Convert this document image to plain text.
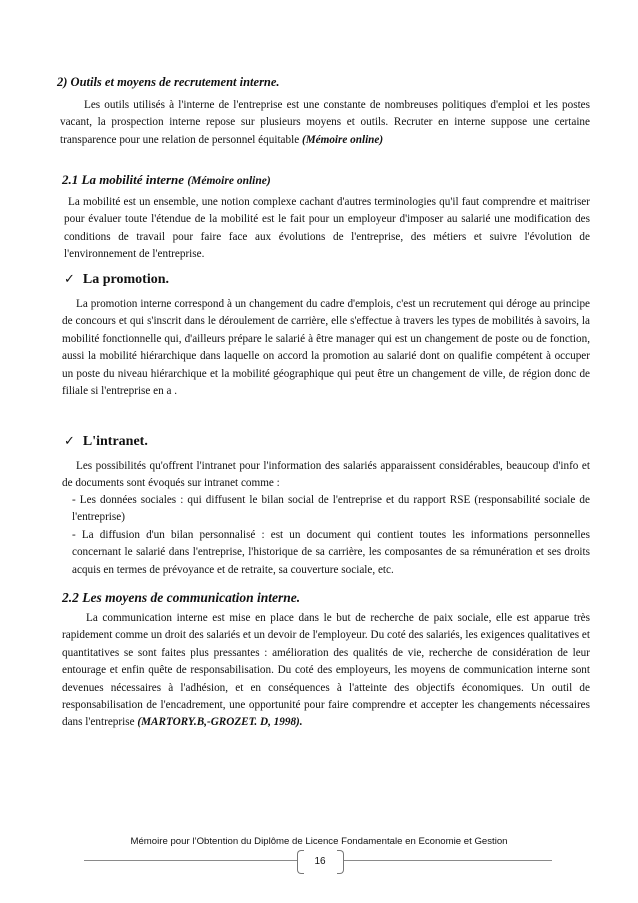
2) Outils et moyens de recrutement interne.
Les outils utilisés à l'interne de l'entreprise est une constante de nombreuses politiques d'emploi et les postes vacant, la prospection interne repose sur plusieurs moyens et outils. Recruter en interne suppose une certaine transparence pour une relation de personnel équitable (Mémoire online)
2.1 La mobilité interne (Mémoire online)
La mobilité est un ensemble, une notion complexe cachant d'autres terminologies qu'il faut comprendre et maitriser pour évaluer toute l'étendue de la mobilité est le fait pour un employeur d'imposer au salarié une modification des conditions de travail pour faire face aux évolutions de l'entreprise, des métiers et suivre l'évolution de l'environnement de l'entreprise.
✓ La promotion.
La promotion interne correspond à un changement du cadre d'emplois, c'est un recrutement qui déroge au principe de concours et qui s'inscrit dans le déroulement de carrière, elle s'effectue à travers les types de mobilités à savoirs, la mobilité fonctionnelle qui, d'ailleurs prépare le salarié à être manager qui est un changement de poste ou de fonction, aussi la mobilité hiérarchique dans laquelle on accord la promotion au salarié dont on qualifie compétent à occuper un poste du niveau hiérarchique et la mobilité géographique qui peut être un changement de ville, de région donc de filiale si l'entreprise en a .
✓ L'intranet.
Les possibilités qu'offrent l'intranet pour l'information des salariés apparaissent considérables, beaucoup d'info et de documents sont évoqués sur intranet comme :
- Les données sociales : qui diffusent le bilan social de l'entreprise et du rapport RSE (responsabilité sociale de l'entreprise)
- La diffusion d'un bilan personnalisé : est un document qui contient toutes les informations personnelles concernant le salarié dans l'entreprise, l'historique de sa carrière, les composantes de sa rémunération et ses droits acquis en termes de prévoyance et de retraite, sa couverture sociale, etc.
2.2 Les moyens de communication interne.
La communication interne est mise en place dans le but de recherche de paix sociale, elle est apparue très rapidement comme un droit des salariés et un devoir de l'employeur. Du coté des salariés, les exigences qualitatives et quantitatives se sont faites plus pressantes : amélioration des qualités de vie, recherche de considération de leur entourage et enfin quête de responsabilisation. Du coté des employeurs, les moyens de communication interne sont devenues nécessaires à l'adhésion, et en conséquences à l'atteinte des objectifs économiques. Un outil de responsabilisation de l'encadrement, une opportunité pour faire comprendre et accepter les changements nécessaires dans l'entreprise (MARTORY.B,-GROZET. D, 1998).
Mémoire pour l’Obtention du Diplôme de Licence Fondamentale en Economie et Gestion
16
